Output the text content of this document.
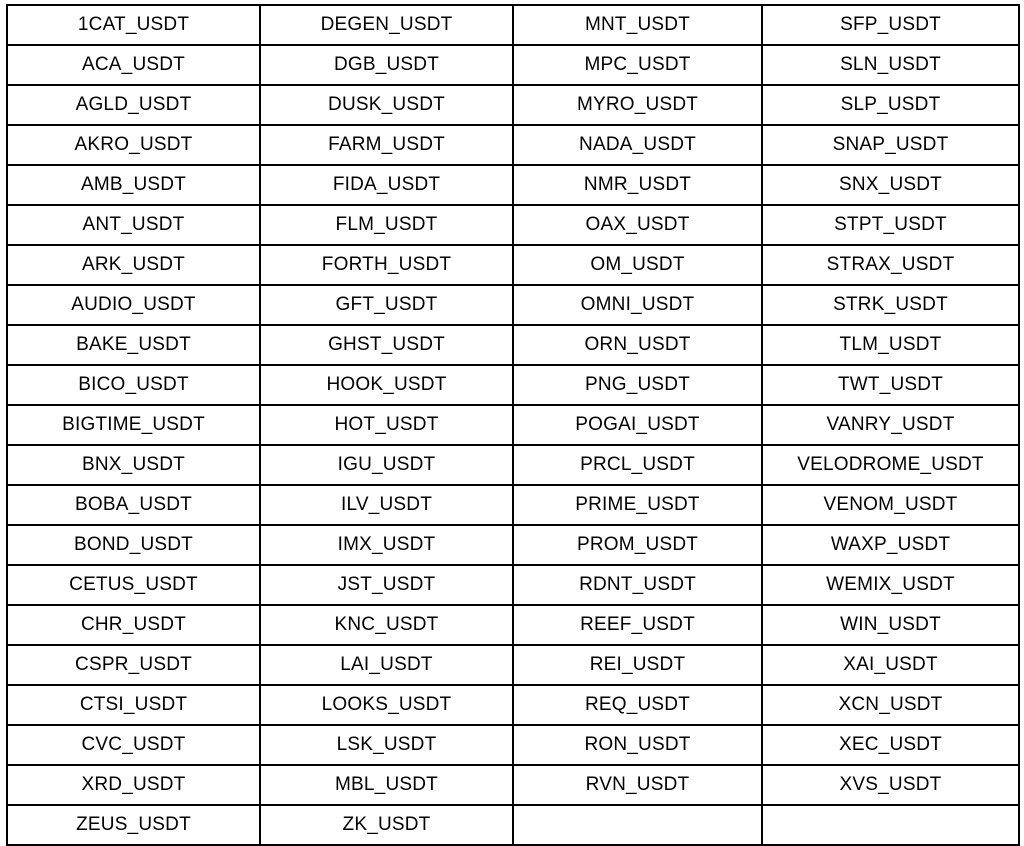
1CAT_USDT	DEGEN_USDT	MNT_USDT	SFP_USDT
ACA_USDT	DGB_USDT	MPC_USDT	SLN_USDT
AGLD_USDT	DUSK_USDT	MYRO_USDT	SLP_USDT
AKRO_USDT	FARM_USDT	NADA_USDT	SNAP_USDT
AMB_USDT	FIDA_USDT	NMR_USDT	SNX_USDT
ANT_USDT	FLM_USDT	OAX_USDT	STPT_USDT
ARK_USDT	FORTH_USDT	OM_USDT	STRAX_USDT
AUDIO_USDT	GFT_USDT	OMNI_USDT	STRK_USDT
BAKE_USDT	GHST_USDT	ORN_USDT	TLM_USDT
BICO_USDT	HOOK_USDT	PNG_USDT	TWT_USDT
BIGTIME_USDT	HOT_USDT	POGAI_USDT	VANRY_USDT
BNX_USDT	IGU_USDT	PRCL_USDT	VELODROME_USDT
BOBA_USDT	ILV_USDT	PRIME_USDT	VENOM_USDT
BOND_USDT	IMX_USDT	PROM_USDT	WAXP_USDT
CETUS_USDT	JST_USDT	RDNT_USDT	WEMIX_USDT
CHR_USDT	KNC_USDT	REEF_USDT	WIN_USDT
CSPR_USDT	LAI_USDT	REI_USDT	XAI_USDT
CTSI_USDT	LOOKS_USDT	REQ_USDT	XCN_USDT
CVC_USDT	LSK_USDT	RON_USDT	XEC_USDT
XRD_USDT	MBL_USDT	RVN_USDT	XVS_USDT
ZEUS_USDT	ZK_USDT		
